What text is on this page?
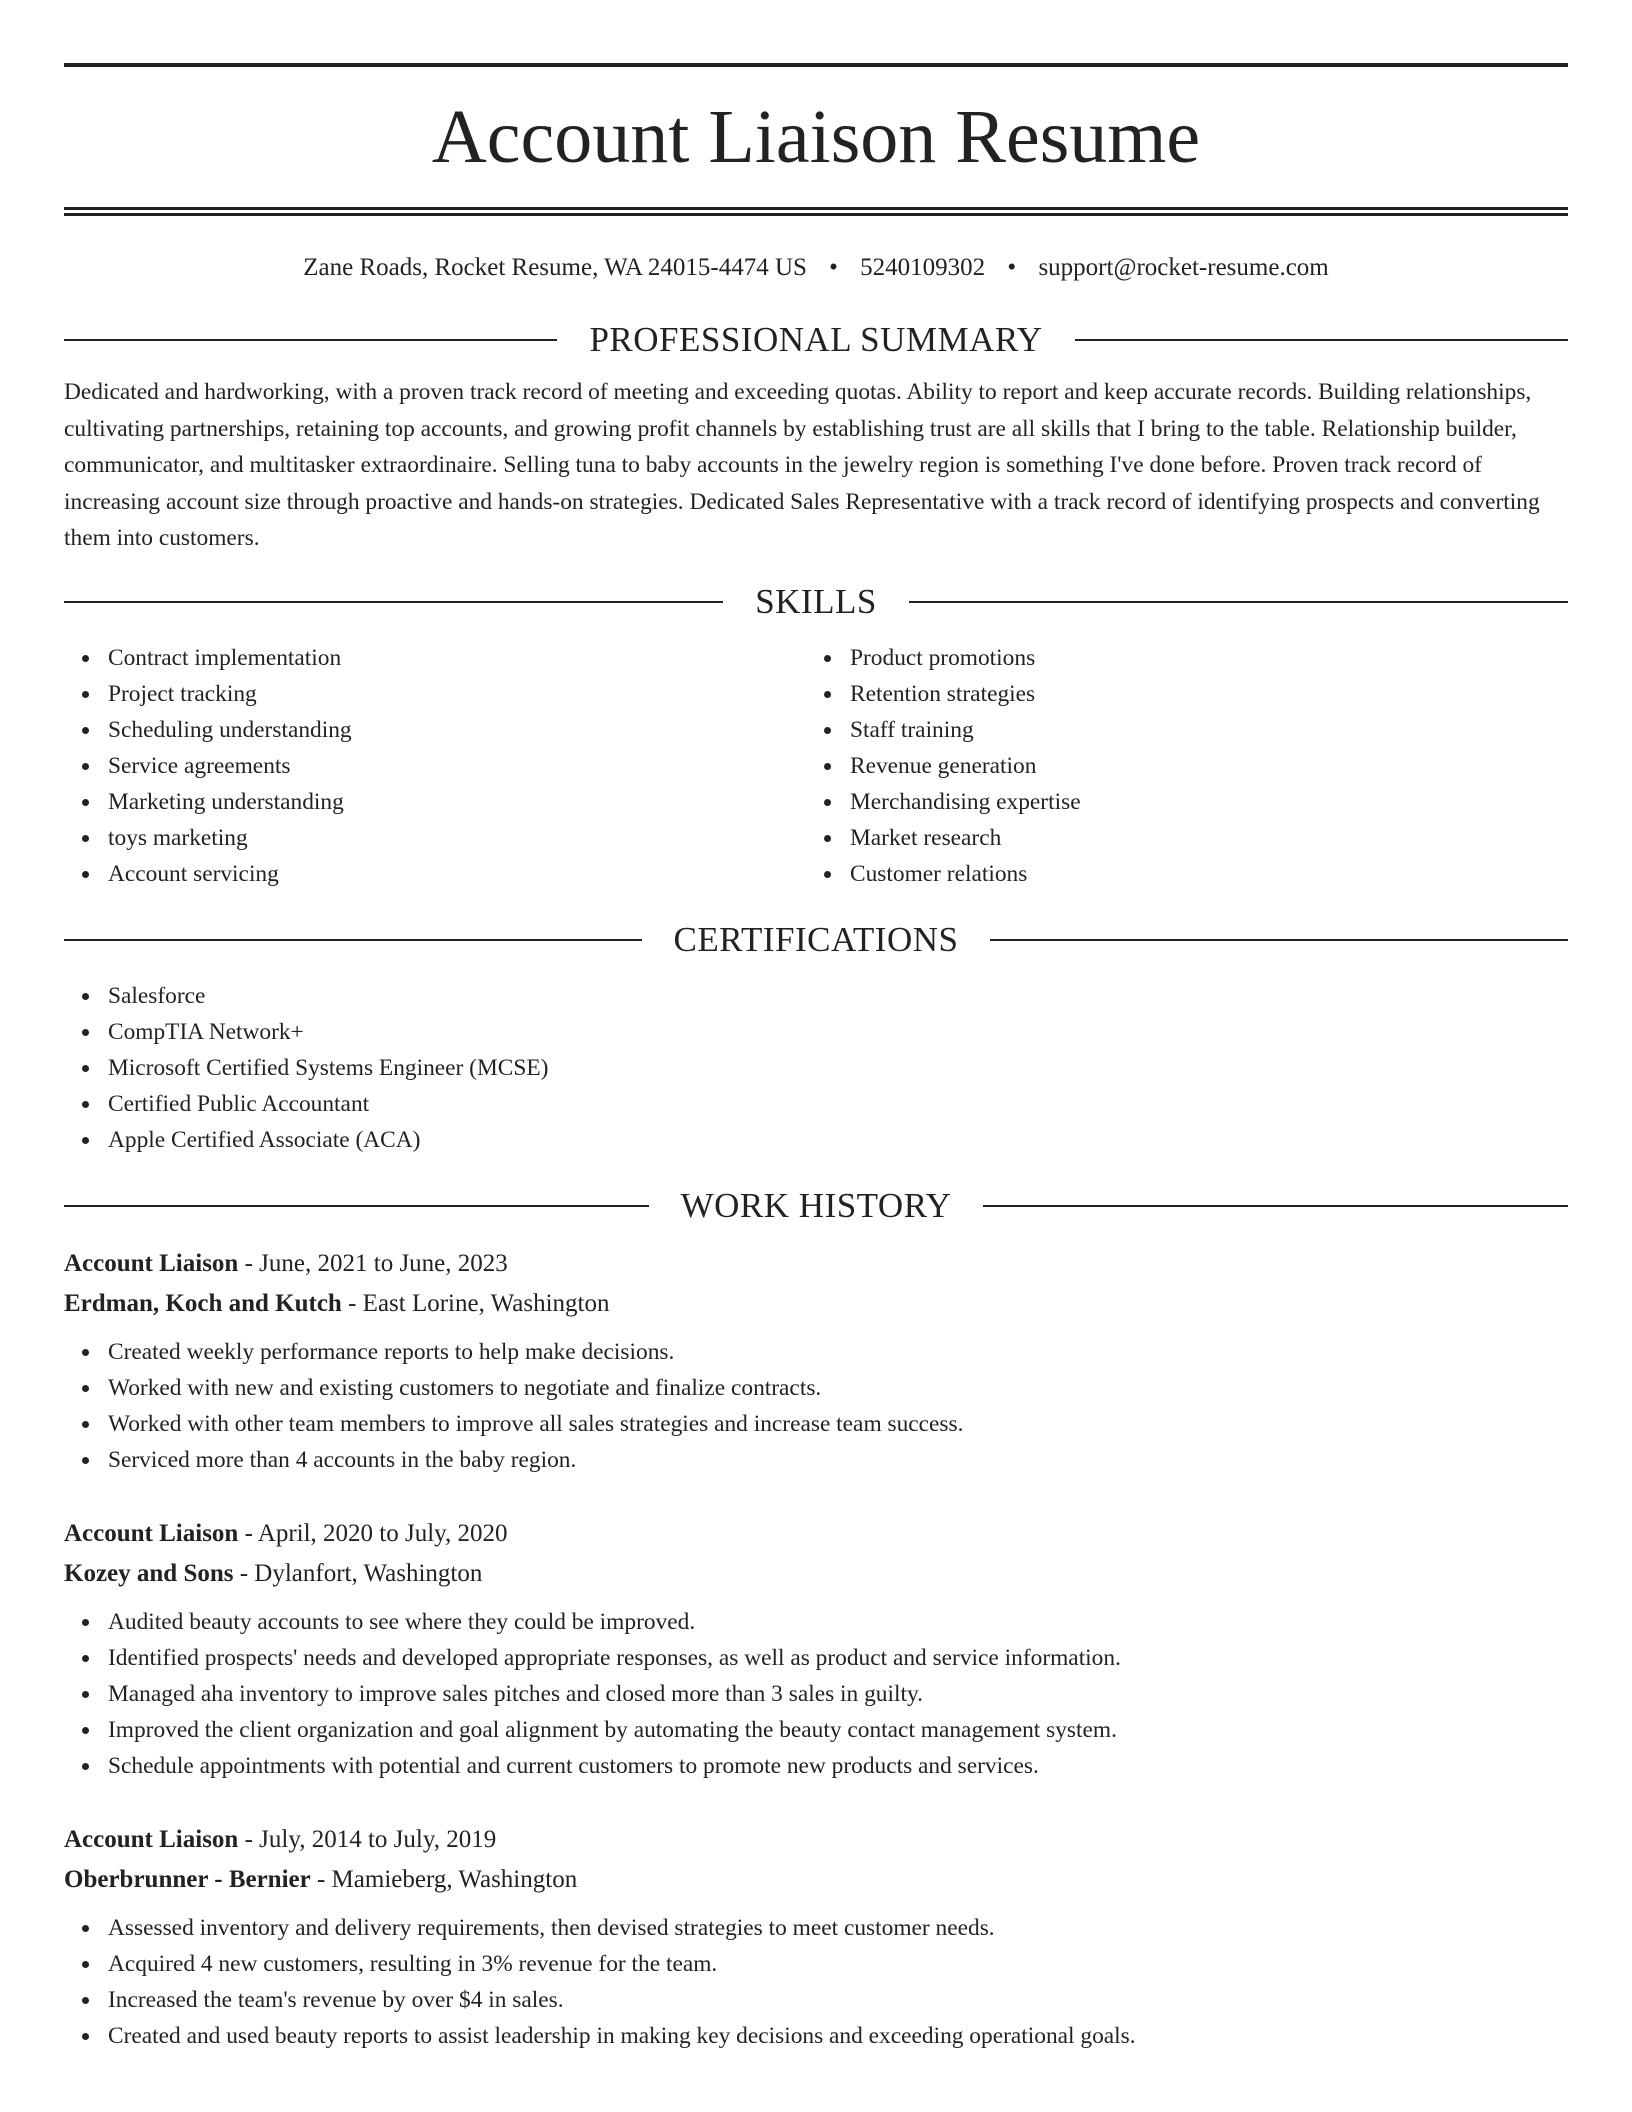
Account Liaison Resume
Zane Roads, Rocket Resume, WA 24015-4474 US • 5240109302 • support@rocket-resume.com
PROFESSIONAL SUMMARY

Dedicated and hardworking, with a proven track record of meeting and exceeding quotas. Ability to report and keep accurate records. Building relationships, cultivating partnerships, retaining top accounts, and growing profit channels by establishing trust are all skills that I bring to the table. Relationship builder, communicator, and multitasker extraordinaire. Selling tuna to baby accounts in the jewelry region is something I've done before. Proven track record of increasing account size through proactive and hands-on strategies. Dedicated Sales Representative with a track record of identifying prospects and converting them into customers.

SKILLS
Contract implementation
Project tracking
Scheduling understanding
Service agreements
Marketing understanding
toys marketing
Account servicing
Product promotions
Retention strategies
Staff training
Revenue generation
Merchandising expertise
Market research
Customer relations
CERTIFICATIONS
Salesforce
CompTIA Network+
Microsoft Certified Systems Engineer (MCSE)
Certified Public Accountant
Apple Certified Associate (ACA)
WORK HISTORY
Account Liaison - June, 2021 to June, 2023
Erdman, Koch and Kutch - East Lorine, Washington
Created weekly performance reports to help make decisions.
Worked with new and existing customers to negotiate and finalize contracts.
Worked with other team members to improve all sales strategies and increase team success.
Serviced more than 4 accounts in the baby region.
Account Liaison - April, 2020 to July, 2020
Kozey and Sons - Dylanfort, Washington
Audited beauty accounts to see where they could be improved.
Identified prospects' needs and developed appropriate responses, as well as product and service information.
Managed aha inventory to improve sales pitches and closed more than 3 sales in guilty.
Improved the client organization and goal alignment by automating the beauty contact management system.
Schedule appointments with potential and current customers to promote new products and services.
Account Liaison - July, 2014 to July, 2019
Oberbrunner - Bernier - Mamieberg, Washington
Assessed inventory and delivery requirements, then devised strategies to meet customer needs.
Acquired 4 new customers, resulting in 3% revenue for the team.
Increased the team's revenue by over $4 in sales.
Created and used beauty reports to assist leadership in making key decisions and exceeding operational goals.
